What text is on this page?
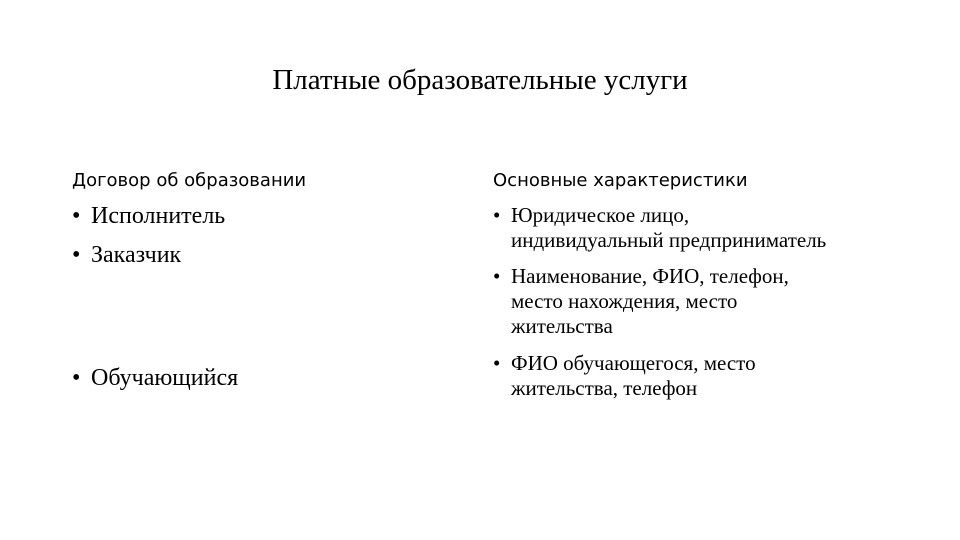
Платные образовательные услуги
Договор об образовании	Основные характеристики
• Исполнитель
• Заказчик
• Обучающийся
• Юридическое лицо,
индивидуальный предприниматель
• Наименование, ФИО, телефон,
место нахождения, место
жительства
• ФИО обучающегося, место
жительства, телефон
